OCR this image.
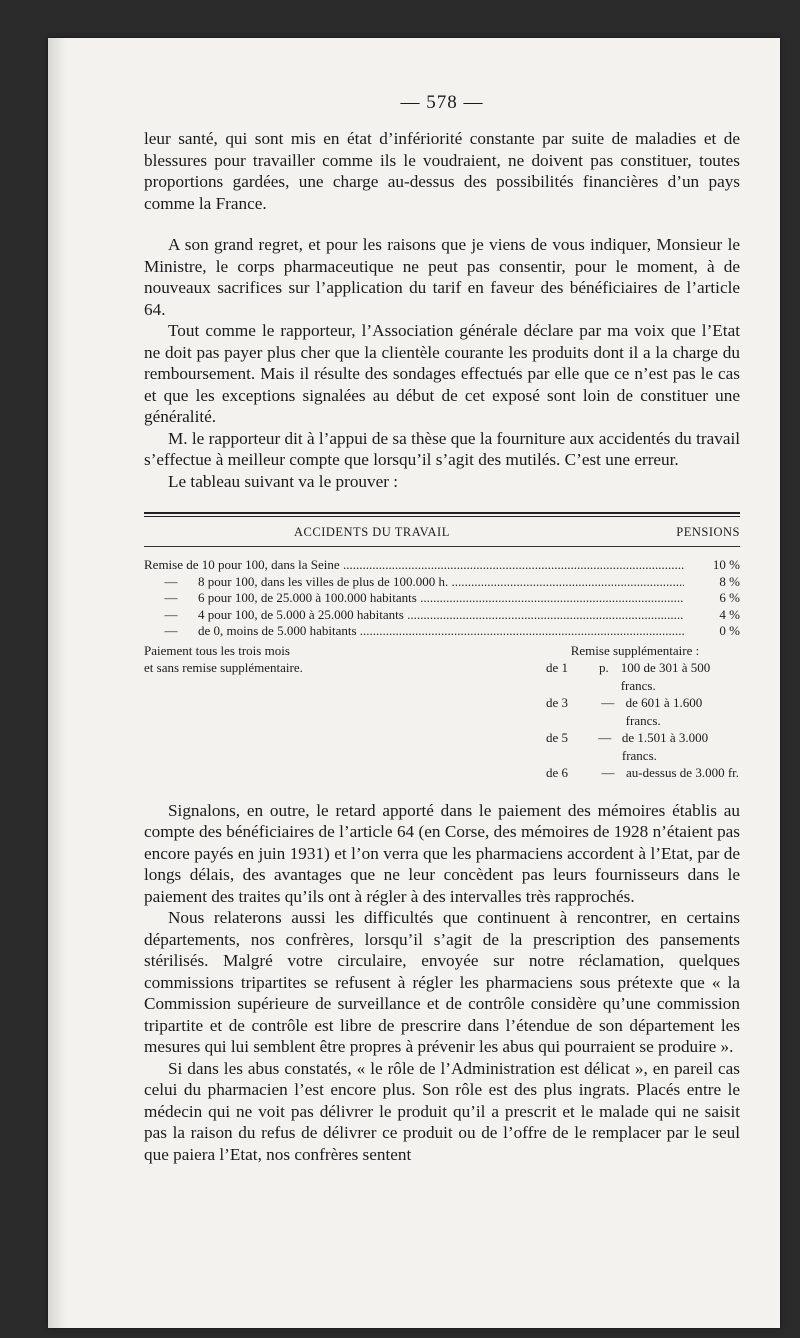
— 578 —

leur santé, qui sont mis en état d’infériorité constante par suite de maladies et de blessures pour travailler comme ils le voudraient, ne doivent pas constituer, toutes proportions gardées, une charge au-dessus des possibilités financières d’un pays comme la France.

A son grand regret, et pour les raisons que je viens de vous indiquer, Monsieur le Ministre, le corps pharmaceutique ne peut pas consentir, pour le moment, à de nouveaux sacrifices sur l’application du tarif en faveur des bénéficiaires de l’article 64.

Tout comme le rapporteur, l’Association générale déclare par ma voix que l’Etat ne doit pas payer plus cher que la clientèle courante les produits dont il a la charge du remboursement. Mais il résulte des sondages effectués par elle que ce n’est pas le cas et que les exceptions signalées au début de cet exposé sont loin de constituer une généralité.

M. le rapporteur dit à l’appui de sa thèse que la fourniture aux accidentés du travail s’effectue à meilleur compte que lorsqu’il s’agit des mutilés. C’est une erreur.

Le tableau suivant va le prouver :

ACCIDENTS DU TRAVAIL	PENSIONS
Remise de 10 pour 100, dans la Seine .....	10 %
— 8 pour 100, dans les villes de plus de 100.000 h. .....	8 %
— 6 pour 100, de 25.000 à 100.000 habitants .....	6 %
— 4 pour 100, de 5.000 à 25.000 habitants .....	4 %
— de 0, moins de 5.000 habitants .....	0 %
Paiement tous les trois mois
et sans remise supplémentaire.
Remise supplémentaire :
de 1	p. 100 de 301 à 500 francs.
de 3	— de 601 à 1.600 francs.
de 5	— de 1.501 à 3.000 francs.
de 6	— au-dessus de 3.000 fr.

Signalons, en outre, le retard apporté dans le paiement des mémoires établis au compte des bénéficiaires de l’article 64 (en Corse, des mémoires de 1928 n’étaient pas encore payés en juin 1931) et l’on verra que les pharmaciens accordent à l’Etat, par de longs délais, des avantages que ne leur concèdent pas leurs fournisseurs dans le paiement des traites qu’ils ont à régler à des intervalles très rapprochés.

Nous relaterons aussi les difficultés que continuent à rencontrer, en certains départements, nos confrères, lorsqu’il s’agit de la prescription des pansements stérilisés. Malgré votre circulaire, envoyée sur notre réclamation, quelques commissions tripartites se refusent à régler les pharmaciens sous prétexte que « la Commission supérieure de surveillance et de contrôle considère qu’une commission tripartite et de contrôle est libre de prescrire dans l’étendue de son département les mesures qui lui semblent être propres à prévenir les abus qui pourraient se produire ».

Si dans les abus constatés, « le rôle de l’Administration est délicat », en pareil cas celui du pharmacien l’est encore plus. Son rôle est des plus ingrats. Placés entre le médecin qui ne voit pas délivrer le produit qu’il a prescrit et le malade qui ne saisit pas la raison du refus de délivrer ce produit ou de l’offre de le remplacer par le seul que paiera l’Etat, nos confrères sentent
